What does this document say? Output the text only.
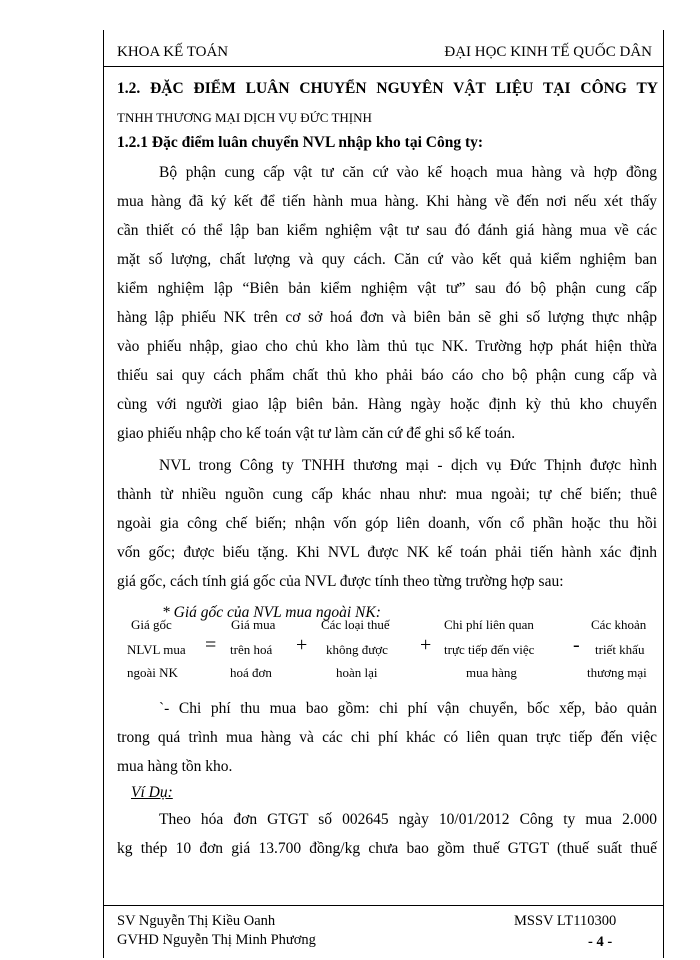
KHOA KẾ TOÁN	ĐẠI HỌC KINH TẾ QUỐC DÂN
1.2. ĐẶC ĐIỂM LUÂN CHUYỂN NGUYÊN VẬT LIỆU TẠI CÔNG TY
TNHH THƯƠNG MẠI DỊCH VỤ ĐỨC THỊNH
1.2.1 Đặc điểm luân chuyển NVL nhập kho tại Công ty:
Bộ phận cung cấp vật tư căn cứ vào kế hoạch mua hàng và hợp đồng
mua hàng đã ký kết để tiến hành mua hàng. Khi hàng về đến nơi nếu xét thấy
cần thiết có thể lập ban kiểm nghiệm vật tư sau đó đánh giá hàng mua về các
mặt số lượng, chất lượng và quy cách. Căn cứ vào kết quả kiểm nghiệm ban
kiểm nghiệm lập “Biên bản kiểm nghiệm vật tư” sau đó bộ phận cung cấp
hàng lập phiếu NK trên cơ sở hoá đơn và biên bản sẽ ghi số lượng thực nhập
vào phiếu nhập, giao cho chủ kho làm thủ tục NK. Trường hợp phát hiện thừa
thiếu sai quy cách phẩm chất thủ kho phải báo cáo cho bộ phận cung cấp và
cùng với người giao lập biên bản. Hàng ngày hoặc định kỳ thủ kho chuyển
giao phiếu nhập cho kế toán vật tư làm căn cứ để ghi sổ kế toán.
NVL trong Công ty TNHH thương mại - dịch vụ Đức Thịnh được hình
thành từ nhiều nguồn cung cấp khác nhau như: mua ngoài; tự chế biến; thuê
ngoài gia công chế biến; nhận vốn góp liên doanh, vốn cổ phần hoặc thu hồi
vốn gốc; được biếu tặng. Khi NVL được NK kế toán phải tiến hành xác định
giá gốc, cách tính giá gốc của NVL được tính theo từng trường hợp sau:
* Giá gốc của NVL mua ngoài NK:
Giá gốc
NLVL mua
ngoài NK
=
Giá mua
trên hoá
hoá đơn
+
Các loại thuế
không được
hoàn lại
+
Chi phí liên quan
trực tiếp đến việc
mua hàng
-
Các khoản
triết khấu
thương mại
`- Chi phí thu mua bao gồm: chi phí vận chuyển, bốc xếp, bảo quản
trong quá trình mua hàng và các chi phí khác có liên quan trực tiếp đến việc
mua hàng tồn kho.
Ví Dụ:
Theo hóa đơn GTGT số 002645 ngày 10/01/2012 Công ty mua 2.000
kg thép 10 đơn giá 13.700 đồng/kg chưa bao gồm thuế GTGT (thuế suất thuế
SV Nguyễn Thị Kiều Oanh
GVHD Nguyễn Thị Minh Phương
MSSV LT110300
- 4 -
